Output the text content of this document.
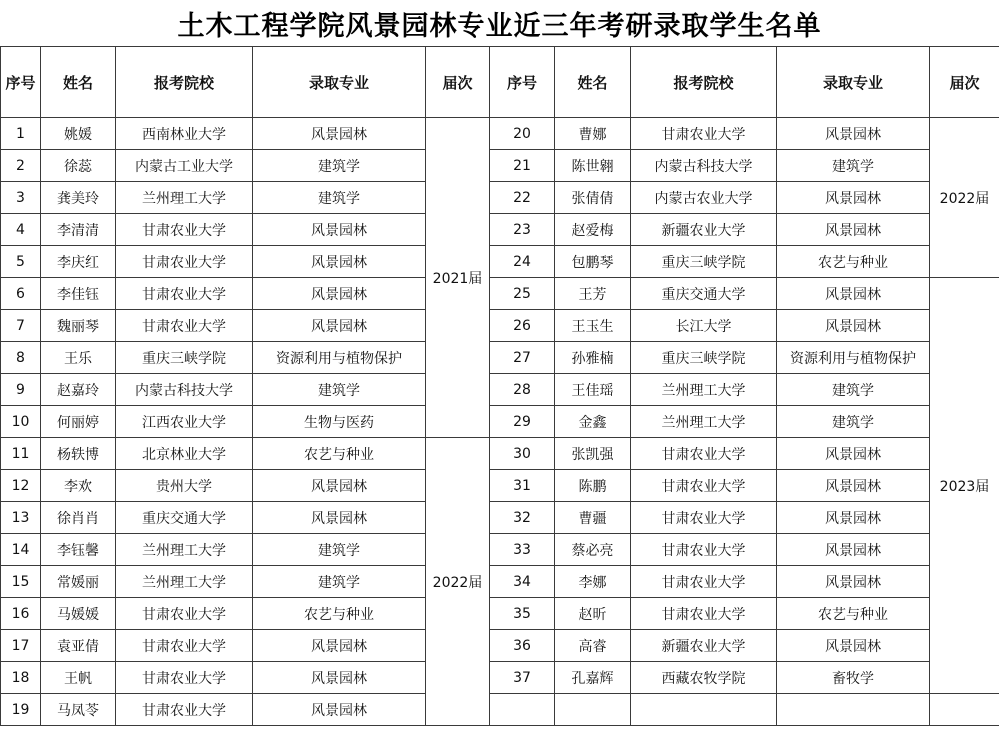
土木工程学院风景园林专业近三年考研录取学生名单
序号	姓名	报考院校	录取专业	届次	序号	姓名	报考院校	录取专业	届次
1	姚媛	西南林业大学	风景园林	2021届	20	曹娜	甘肃农业大学	风景园林	2022届
2	徐蕊	内蒙古工业大学	建筑学		21	陈世翱	内蒙古科技大学	建筑学	
3	龚美玲	兰州理工大学	建筑学		22	张倩倩	内蒙古农业大学	风景园林	
4	李清清	甘肃农业大学	风景园林		23	赵爱梅	新疆农业大学	风景园林	
5	李庆红	甘肃农业大学	风景园林		24	包鹏琴	重庆三峡学院	农艺与种业	
6	李佳钰	甘肃农业大学	风景园林		25	王芳	重庆交通大学	风景园林	2023届
7	魏丽琴	甘肃农业大学	风景园林		26	王玉生	长江大学	风景园林	
8	王乐	重庆三峡学院	资源利用与植物保护		27	孙雅楠	重庆三峡学院	资源利用与植物保护	
9	赵嘉玲	内蒙古科技大学	建筑学		28	王佳瑶	兰州理工大学	建筑学	
10	何丽婷	江西农业大学	生物与医药		29	金鑫	兰州理工大学	建筑学	
11	杨轶博	北京林业大学	农艺与种业	2022届	30	张凯强	甘肃农业大学	风景园林	
12	李欢	贵州大学	风景园林		31	陈鹏	甘肃农业大学	风景园林	
13	徐肖肖	重庆交通大学	风景园林		32	曹疆	甘肃农业大学	风景园林	
14	李钰馨	兰州理工大学	建筑学		33	蔡必亮	甘肃农业大学	风景园林	
15	常媛丽	兰州理工大学	建筑学		34	李娜	甘肃农业大学	风景园林	
16	马媛媛	甘肃农业大学	农艺与种业		35	赵昕	甘肃农业大学	农艺与种业	
17	袁亚倩	甘肃农业大学	风景园林		36	高睿	新疆农业大学	风景园林	
18	王帆	甘肃农业大学	风景园林		37	孔嘉辉	西藏农牧学院	畜牧学	
19	马凤苓	甘肃农业大学	风景园林						
